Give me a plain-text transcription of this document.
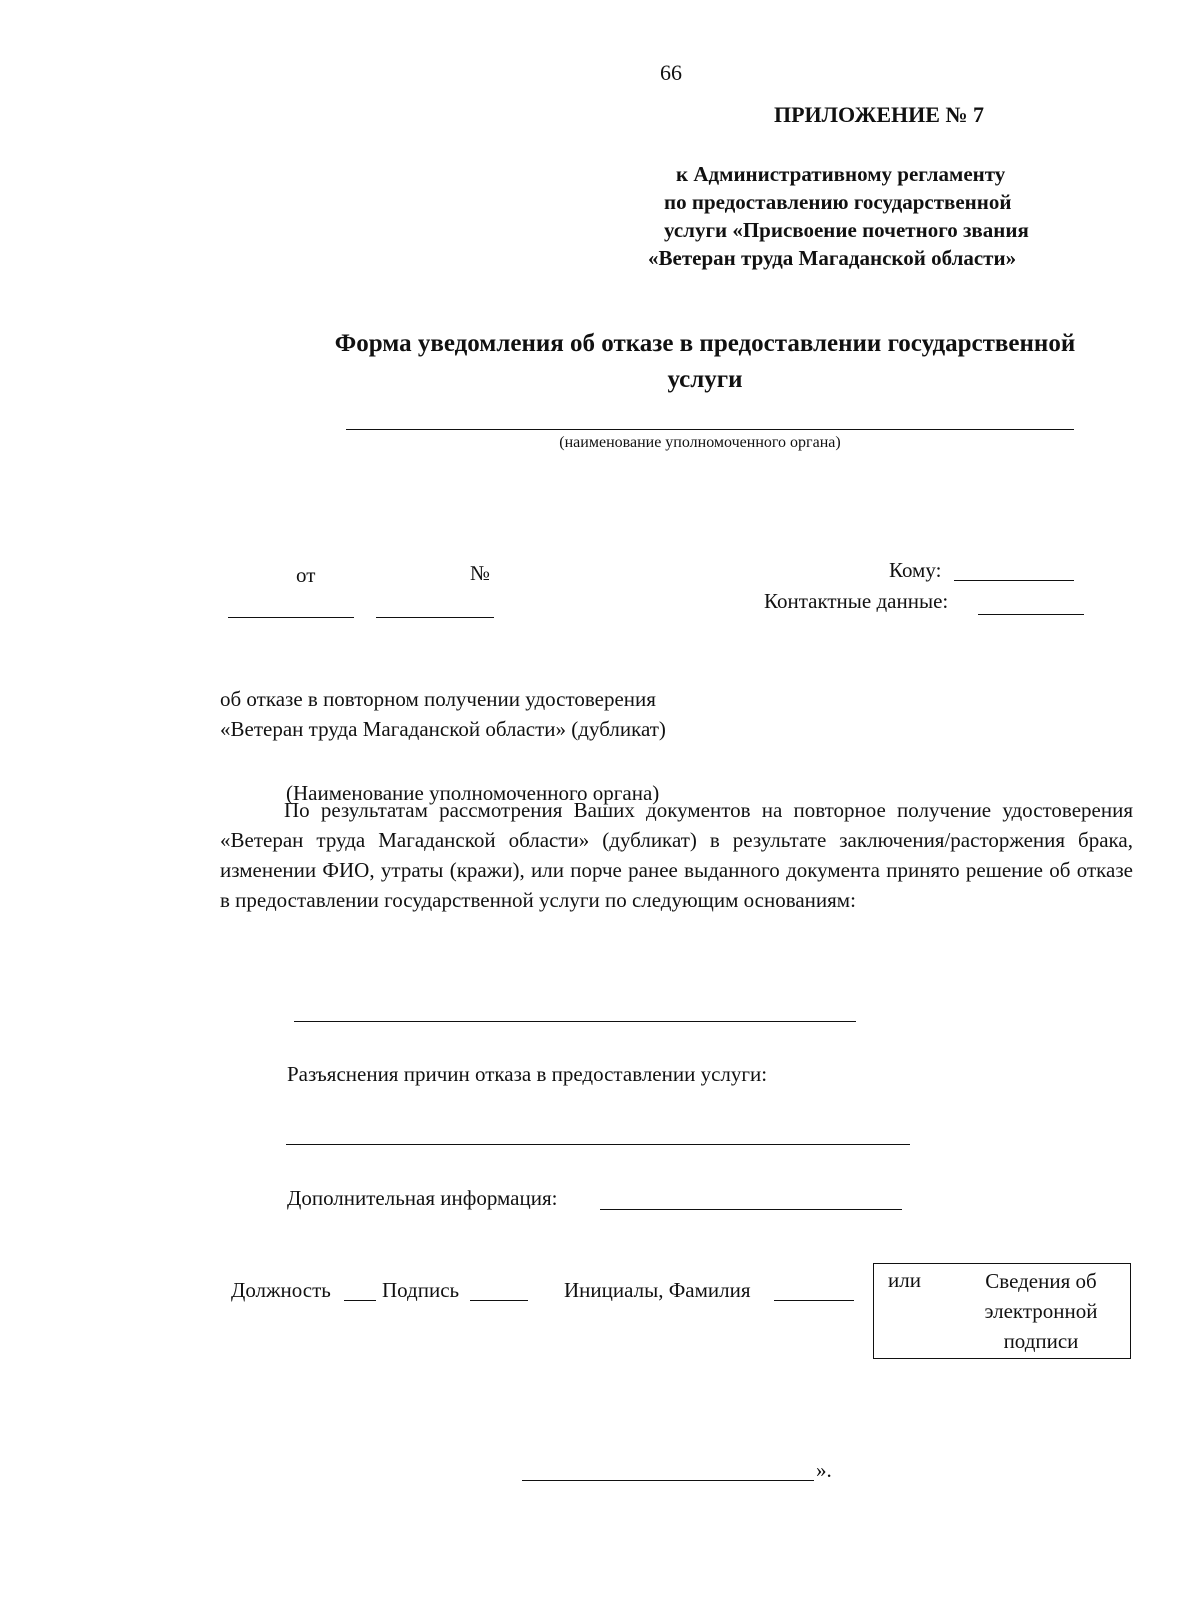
66
ПРИЛОЖЕНИЕ № 7
к Административному регламенту
по предоставлению государственной
услуги «Присвоение почетного звания
«Ветеран труда Магаданской области»
Форма уведомления об отказе в предоставлении государственной
услуги
(наименование уполномоченного органа)
от	№	Кому:
Контактные данные:
об отказе в повторном получении удостоверения
«Ветеран труда Магаданской области» (дубликат)
(Наименование уполномоченного органа)
По результатам рассмотрения Ваших документов на повторное получение удостоверения «Ветеран труда Магаданской области» (дубликат) в результате заключения/расторжения брака, изменении ФИО, утраты (кражи), или порче ранее выданного документа принято решение об отказе в предоставлении государственной услуги по следующим основаниям:
Разъяснения причин отказа в предоставлении услуги:
Дополнительная информация:
Должность Подпись	Инициалы, Фамилия	или	Сведения об электронной подписи
».
